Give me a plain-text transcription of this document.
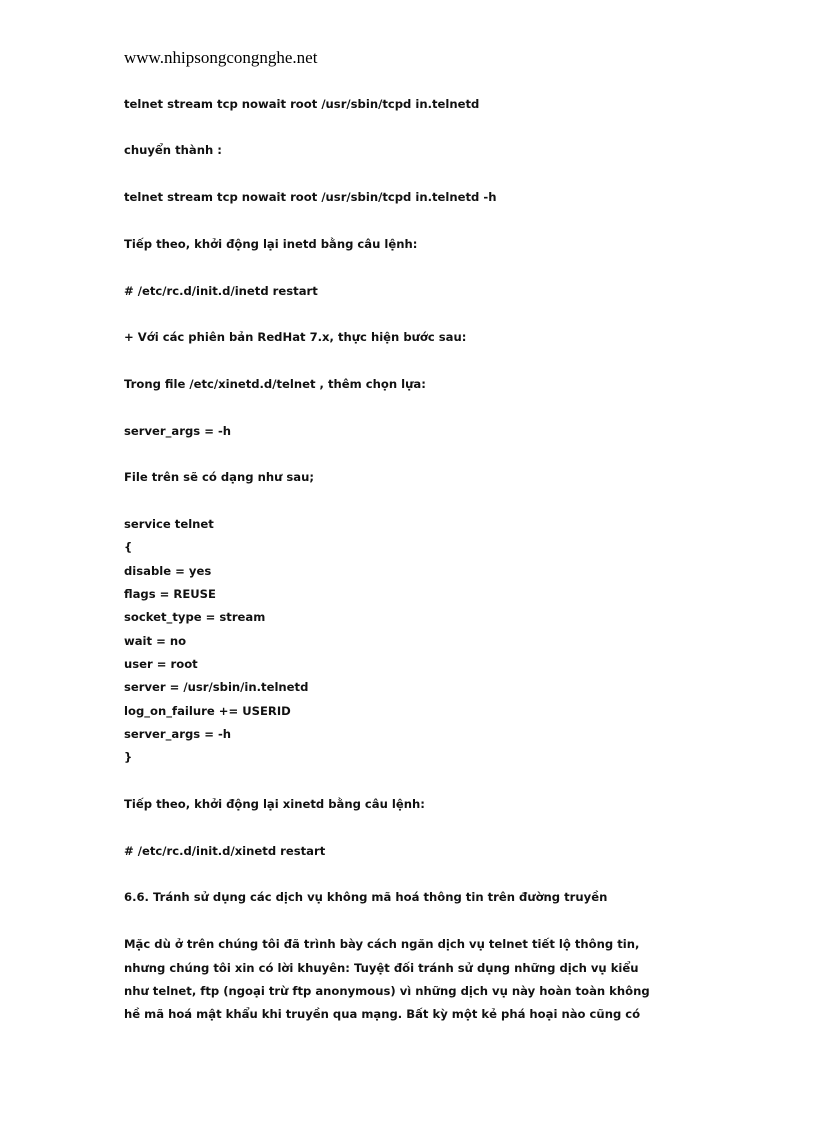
www.nhipsongcongnghe.net
telnet stream tcp nowait root /usr/sbin/tcpd in.telnetd
chuyển thành :
telnet stream tcp nowait root /usr/sbin/tcpd in.telnetd -h
Tiếp theo, khởi động lại inetd bằng câu lệnh:
# /etc/rc.d/init.d/inetd restart
+ Với các phiên bản RedHat 7.x, thực hiện bước sau:
Trong file /etc/xinetd.d/telnet , thêm chọn lựa:
server_args = -h
File trên sẽ có dạng như sau;
service telnet
{
disable = yes
flags = REUSE
socket_type = stream
wait = no
user = root
server = /usr/sbin/in.telnetd
log_on_failure += USERID
server_args = -h
}
Tiếp theo, khởi động lại xinetd bằng câu lệnh:
# /etc/rc.d/init.d/xinetd restart
6.6. Tránh sử dụng các dịch vụ không mã hoá thông tin trên đường truyền
Mặc dù ở trên chúng tôi đã trình bày cách ngăn dịch vụ telnet tiết lộ thông tin,
nhưng chúng tôi xin có lời khuyên: Tuyệt đối tránh sử dụng những dịch vụ kiểu
như telnet, ftp (ngoại trừ ftp anonymous) vì những dịch vụ này hoàn toàn không
hề mã hoá mật khẩu khi truyền qua mạng. Bất kỳ một kẻ phá hoại nào cũng có
